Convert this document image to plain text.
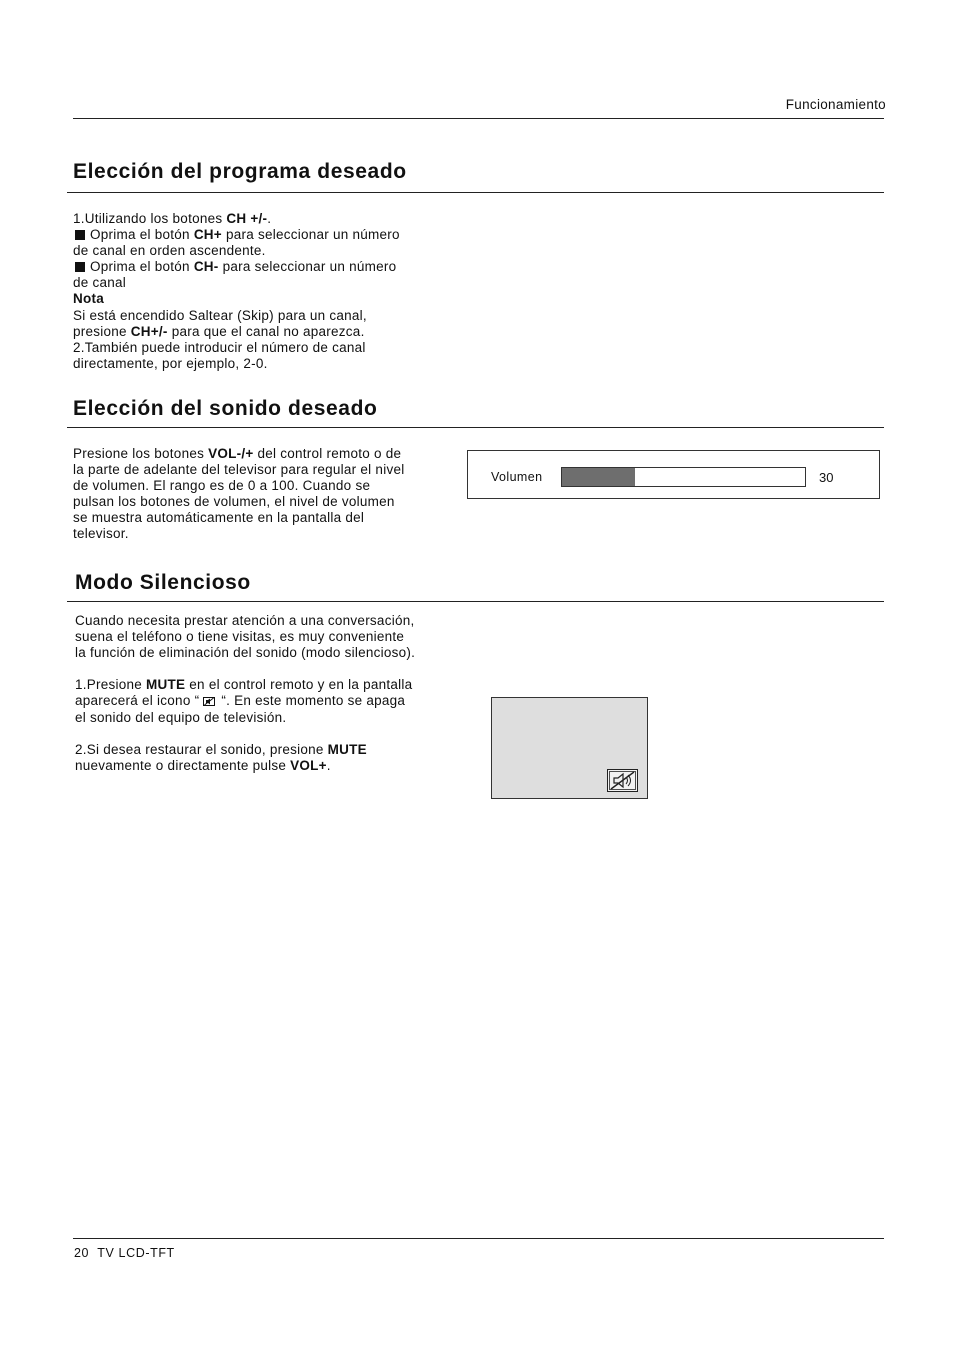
Funcionamiento
Elección del programa deseado

1.Utilizando los botones CH +/-.

Oprima el botón CH+ para seleccionar un número

de canal en orden ascendente.

Oprima el botón CH- para seleccionar un número

de canal

Nota

Si está encendido Saltear (Skip) para un canal,

presione CH+/- para que el canal no aparezca.

2.También puede introducir el número de canal

directamente, por ejemplo, 2-0.

Elección del sonido deseado

Presione los botones VOL-/+ del control remoto o de

la parte de adelante del televisor para regular el nivel

de volumen. El rango es de 0 a 100. Cuando se

pulsan los botones de volumen, el nivel de volumen

se muestra automáticamente en la pantalla del

televisor.

Volumen	30
Modo Silencioso

Cuando necesita prestar atención a una conversación,

suena el teléfono o tiene visitas, es muy conveniente

la función de eliminación del sonido (modo silencioso).

1.Presione MUTE en el control remoto y en la pantalla

aparecerá el icono “ “. En este momento se apaga

el sonido del equipo de televisión.

2.Si desea restaurar el sonido, presione MUTE

nuevamente o directamente pulse VOL+.

20 TV LCD-TFT
